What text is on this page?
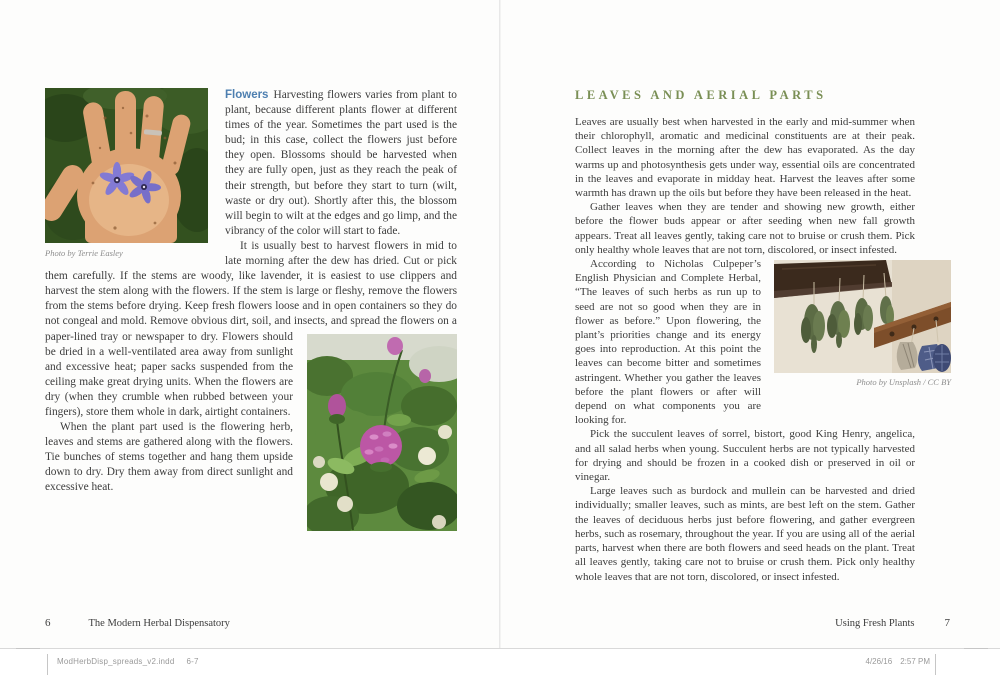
Photo by Terrie Easley

Flowers Harvesting flowers varies from plant to plant, because different plants flower at different times of the year. Sometimes the part used is the bud; in this case, collect the flowers just before they open. Blossoms should be harvested when they are fully open, just as they reach the peak of their strength, but before they start to turn (wilt, waste or dry out). Shortly after this, the blossom will begin to wilt at the edges and go limp, and the vibrancy of the color will start to fade.

It is usually best to harvest flowers in mid to late morning after the dew has dried. Cut or pick them carefully. If the stems are woody, like lavender, it is easiest to use clippers and harvest the stem along with the flowers. If the stem is large or fleshy, remove the flowers from the stems before drying. Keep fresh flowers loose and in open containers so they do not congeal and mold. Remove obvious dirt, soil, and insects, and spread the flowers on a paper-lined tray or newspaper to dry. Flowers should be dried in a well-ventilated area away from sunlight and excessive heat; paper sacks suspended from the ceiling make great drying units. When the flowers are dry (when they crumble when rubbed between your fingers), store them whole in dark, airtight containers.

When the plant part used is the flowering herb, leaves and stems are gathered along with the flowers. Tie bunches of stems together and hang them upside down to dry. Dry them away from direct sunlight and excessive heat.

LEAVES AND AERIAL PARTS

Leaves are usually best when harvested in the early and mid-summer when their chlorophyll, aromatic and medicinal constituents are at their peak. Collect leaves in the morning after the dew has evaporated. As the day warms up and photosynthesis gets under way, essential oils are concentrated in the leaves and evaporate in midday heat. Harvest the leaves after some warmth has drawn up the oils but before they have been released in the heat.

Gather leaves when they are tender and showing new growth, either before the flower buds appear or after seeding when new fall growth appears. Treat all leaves gently, taking care not to bruise or crush them. Pick only healthy whole leaves that are not torn, discolored, or insect infested.

Photo by Unsplash / CC BY
According to Nicholas Culpeper’s English Physician and Complete Herbal, “The leaves of such herbs as run up to seed are not so good when they are in flower as before.” Upon flowering, the plant’s priorities change and its energy goes into reproduction. At this point the leaves can become bitter and sometimes astringent. Whether you gather the leaves before the plant flowers or after will depend on what components you are looking for.

Pick the succulent leaves of sorrel, bistort, good King Henry, angelica, and all salad herbs when young. Succulent herbs are not typically harvested for drying and should be frozen in a cooked dish or preserved in oil or vinegar.

Large leaves such as burdock and mullein can be harvested and dried individually; smaller leaves, such as mints, are best left on the stem. Gather the leaves of deciduous herbs just before flowering, and gather evergreen herbs, such as rosemary, throughout the year. If you are using all of the aerial parts, harvest when there are both flowers and seed heads on the plant. Treat all leaves gently, taking care not to bruise or crush them. Pick only healthy whole leaves that are not torn, discolored, or insect infested.

6	The Modern Herbal Dispensatory	Using Fresh Plants	7
ModHerbDisp_spreads_v2.indd 6-7	4/26/16 2:57 PM
